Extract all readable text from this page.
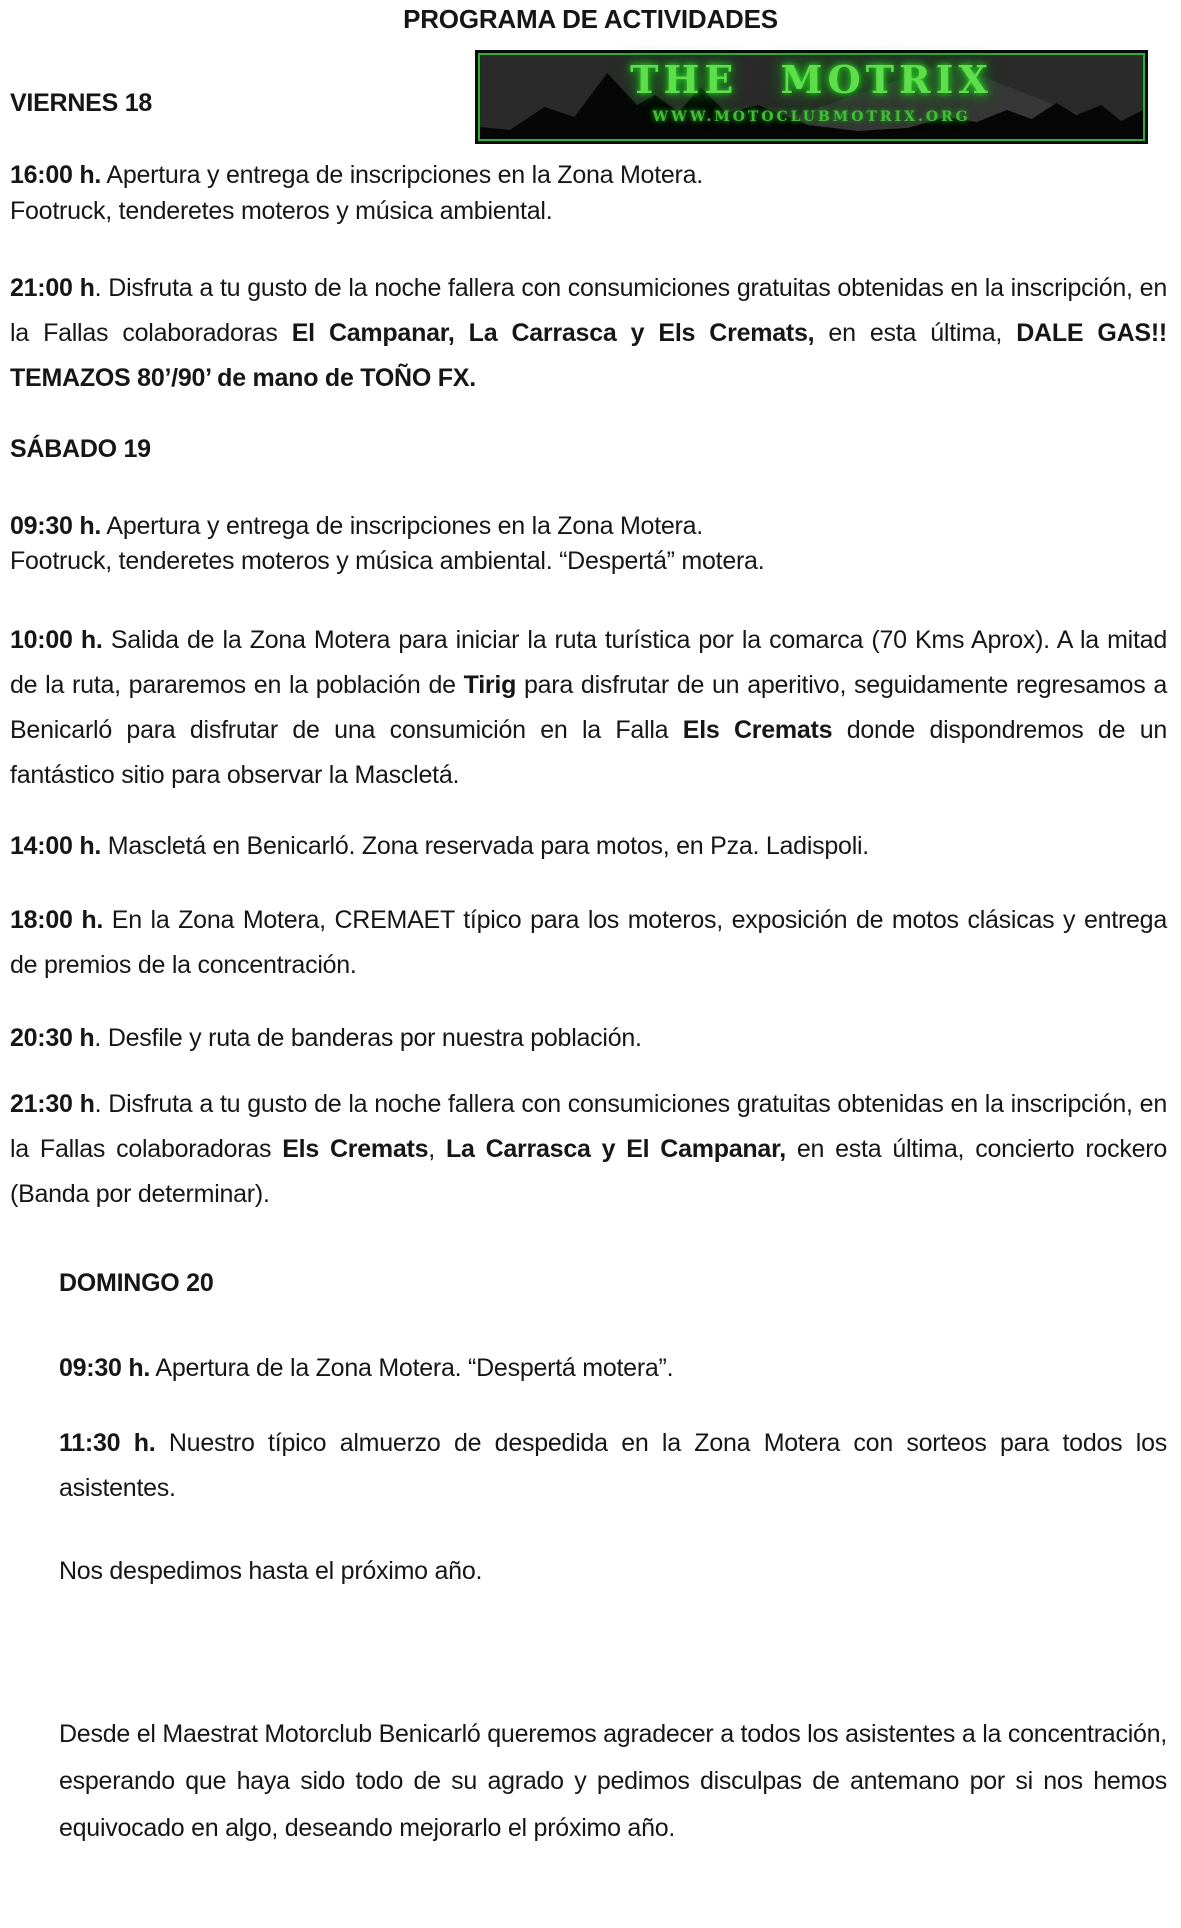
PROGRAMA DE ACTIVIDADES
THE MOTRIX
WWW.MOTOCLUBMOTRIX.ORG

VIERNES 18

16:00 h. Apertura y entrega de inscripciones en la Zona Motera.

Footruck, tenderetes moteros y música ambiental.

21:00 h. Disfruta a tu gusto de la noche fallera con consumiciones gratuitas obtenidas en la inscripción, en la Fallas colaboradoras El Campanar, La Carrasca y Els Cremats, en esta última, DALE GAS!! TEMAZOS 80’/90’ de mano de TOÑO FX.

SÁBADO 19

09:30 h. Apertura y entrega de inscripciones en la Zona Motera.

Footruck, tenderetes moteros y música ambiental. “Despertá” motera.

10:00 h. Salida de la Zona Motera para iniciar la ruta turística por la comarca (70 Kms Aprox). A la mitad de la ruta, pararemos en la población de Tirig para disfrutar de un aperitivo, seguidamente regresamos a Benicarló para disfrutar de una consumición en la Falla Els Cremats donde dispondremos de un fantástico sitio para observar la Mascletá.

14:00 h. Mascletá en Benicarló. Zona reservada para motos, en Pza. Ladispoli.

18:00 h. En la Zona Motera, CREMAET típico para los moteros, exposición de motos clásicas y entrega de premios de la concentración.

20:30 h. Desfile y ruta de banderas por nuestra población.

21:30 h. Disfruta a tu gusto de la noche fallera con consumiciones gratuitas obtenidas en la inscripción, en la Fallas colaboradoras Els Cremats, La Carrasca y El Campanar, en esta última, concierto rockero (Banda por determinar).

DOMINGO 20

09:30 h. Apertura de la Zona Motera. “Despertá motera”.

11:30 h. Nuestro típico almuerzo de despedida en la Zona Motera con sorteos para todos los asistentes.

Nos despedimos hasta el próximo año.

Desde el Maestrat Motorclub Benicarló queremos agradecer a todos los asistentes a la concentración, esperando que haya sido todo de su agrado y pedimos disculpas de antemano por si nos hemos equivocado en algo, deseando mejorarlo el próximo año.
